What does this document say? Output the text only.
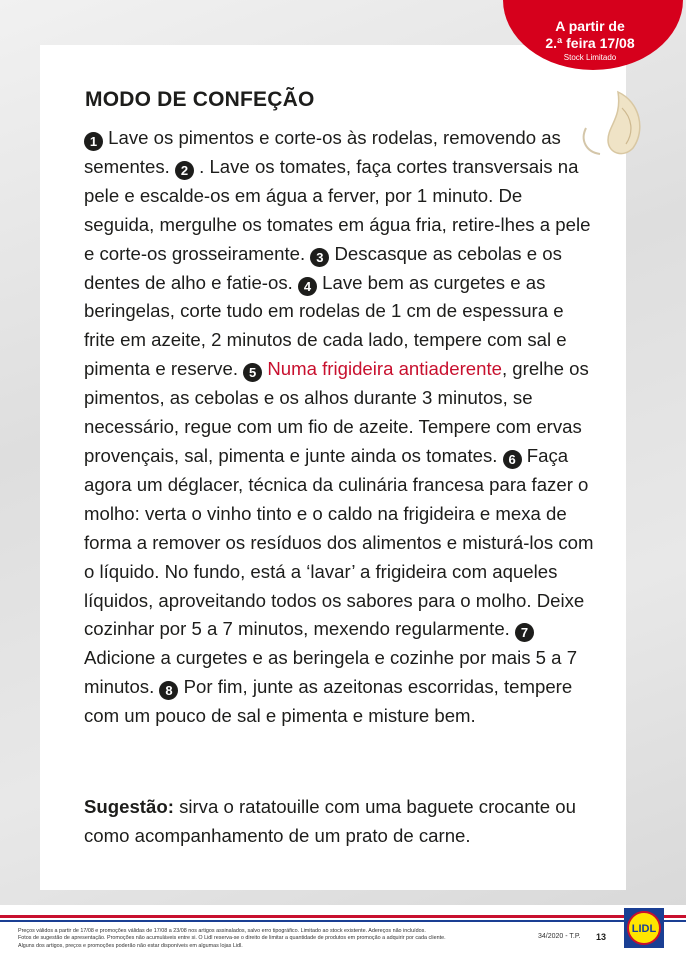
A partir de
2.ª feira 17/08
Stock Limitado
MODO DE CONFEÇÃO
1 Lave os pimentos e corte-os às rodelas, removendo as sementes. 2 . Lave os tomates, faça cortes transversais na pele e escalde-os em água a ferver, por 1 minuto. De seguida, mergulhe os tomates em água fria, retire-lhes a pele e corte-os grosseiramente. 3 Descasque as cebolas e os dentes de alho e fatie-os. 4 Lave bem as curgetes e as beringelas, corte tudo em rodelas de 1 cm de espessura e frite em azeite, 2 minutos de cada lado, tempere com sal e pimenta e reserve. 5 Numa frigideira antiaderente, grelhe os pimentos, as cebolas e os alhos durante 3 minutos, se necessário, regue com um fio de azeite. Tempere com ervas provençais, sal, pimenta e junte ainda os tomates. 6 Faça agora um déglacer, técnica da culinária francesa para fazer o molho: verta o vinho tinto e o caldo na frigideira e mexa de forma a remover os resíduos dos alimentos e misturá-los com o líquido. No fundo, está a ‘lavar’ a frigideira com aqueles líquidos, aproveitando todos os sabores para o molho. Deixe cozinhar por 5 a 7 minutos, mexendo regularmente. 7 Adicione a curgetes e as beringela e cozinhe por mais 5 a 7 minutos. 8 Por fim, junte as azeitonas escorridas, tempere com um pouco de sal e pimenta e misture bem.
Sugestão: sirva o ratatouille com uma baguete crocante ou como acompanhamento de um prato de carne.
Preços válidos a partir de 17/08 e promoções válidas de 17/08 a 23/08 nos artigos assinalados, salvo erro tipográfico. Limitado ao stock existente. Adereços não incluídos.
Fotos de sugestão de apresentação. Promoções não acumuláveis entre si. O Lidl reserva-se o direito de limitar a quantidade de produtos em promoção a adquirir por cada cliente.
Alguns dos artigos, preços e promoções poderão não estar disponíveis em algumas lojas Lidl.
34/2020 - T.P. 13
LIDL
